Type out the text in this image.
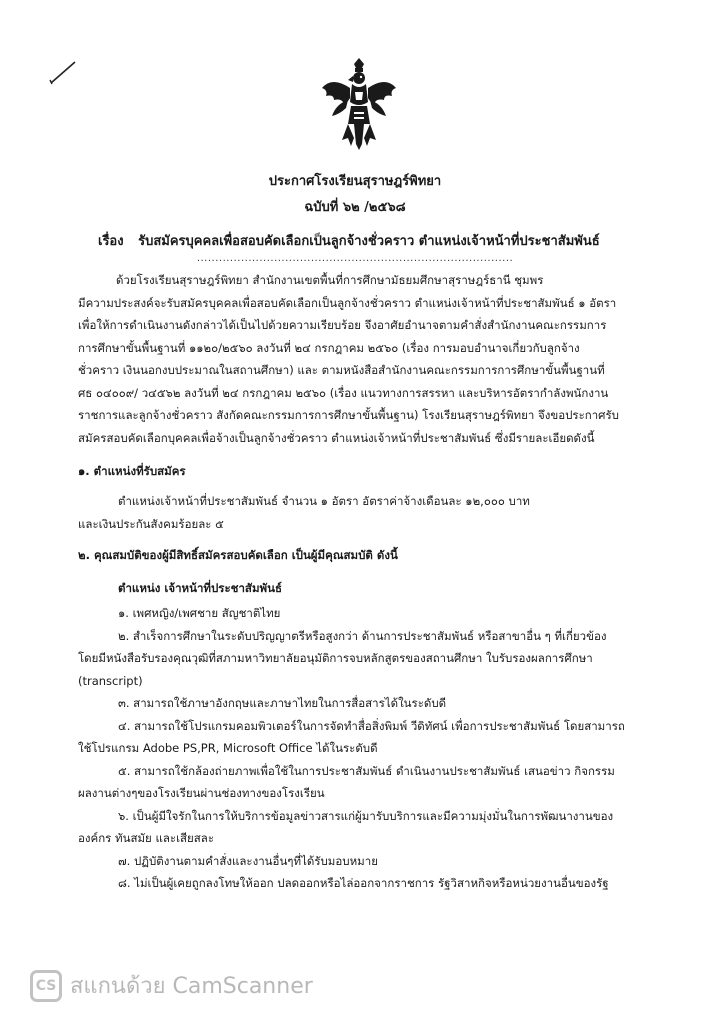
ประกาศโรงเรียนสุราษฎร์พิทยา
ฉบับที่ ๖๒ /๒๕๖๘
เรื่อง รับสมัครบุคคลเพื่อสอบคัดเลือกเป็นลูกจ้างชั่วคราว ตำแหน่งเจ้าหน้าที่ประชาสัมพันธ์
......................................................................................
ด้วยโรงเรียนสุราษฎร์พิทยา สำนักงานเขตพื้นที่การศึกษามัธยมศึกษาสุราษฎร์ธานี ชุมพร
มีความประสงค์จะรับสมัครบุคคลเพื่อสอบคัดเลือกเป็นลูกจ้างชั่วคราว ตำแหน่งเจ้าหน้าที่ประชาสัมพันธ์ ๑ อัตรา
เพื่อให้การดำเนินงานดังกล่าวได้เป็นไปด้วยความเรียบร้อย จึงอาศัยอำนาจตามคำสั่งสำนักงานคณะกรรมการ
การศึกษาขั้นพื้นฐานที่ ๑๑๒๐/๒๕๖๐ ลงวันที่ ๒๔ กรกฎาคม ๒๕๖๐ (เรื่อง การมอบอำนาจเกี่ยวกับลูกจ้าง
ชั่วคราว เงินนอกงบประมาณในสถานศึกษา) และ ตามหนังสือสำนักงานคณะกรรมการการศึกษาขั้นพื้นฐานที่
ศธ ๐๔๐๐๙/ ว๔๕๖๒ ลงวันที่ ๒๔ กรกฎาคม ๒๕๖๐ (เรื่อง แนวทางการสรรหา และบริหารอัตรากำลังพนักงาน
ราชการและลูกจ้างชั่วคราว สังกัดคณะกรรมการการศึกษาขั้นพื้นฐาน) โรงเรียนสุราษฎร์พิทยา จึงขอประกาศรับ
สมัครสอบคัดเลือกบุคคลเพื่อจ้างเป็นลูกจ้างชั่วคราว ตำแหน่งเจ้าหน้าที่ประชาสัมพันธ์ ซึ่งมีรายละเอียดดังนี้
๑. ตำแหน่งที่รับสมัคร
ตำแหน่งเจ้าหน้าที่ประชาสัมพันธ์ จำนวน ๑ อัตรา อัตราค่าจ้างเดือนละ ๑๒,๐๐๐ บาท
และเงินประกันสังคมร้อยละ ๕
๒. คุณสมบัติของผู้มีสิทธิ์สมัครสอบคัดเลือก เป็นผู้มีคุณสมบัติ ดังนี้
ตำแหน่ง เจ้าหน้าที่ประชาสัมพันธ์
๑. เพศหญิง/เพศชาย สัญชาติไทย
๒. สำเร็จการศึกษาในระดับปริญญาตรีหรือสูงกว่า ด้านการประชาสัมพันธ์ หรือสาขาอื่น ๆ ที่เกี่ยวข้อง
โดยมีหนังสือรับรองคุณวุฒิที่สภามหาวิทยาลัยอนุมัติการจบหลักสูตรของสถานศึกษา ใบรับรองผลการศึกษา
(transcript)
๓. สามารถใช้ภาษาอังกฤษและภาษาไทยในการสื่อสารได้ในระดับดี
๔. สามารถใช้โปรแกรมคอมพิวเตอร์ในการจัดทำสื่อสิ่งพิมพ์ วีดิทัศน์ เพื่อการประชาสัมพันธ์ โดยสามารถ
ใช้โปรแกรม Adobe PS,PR, Microsoft Office ได้ในระดับดี
๕. สามารถใช้กล้องถ่ายภาพเพื่อใช้ในการประชาสัมพันธ์ ดำเนินงานประชาสัมพันธ์ เสนอข่าว กิจกรรม
ผลงานต่างๆของโรงเรียนผ่านช่องทางของโรงเรียน
๖. เป็นผู้มีใจรักในการให้บริการข้อมูลข่าวสารแก่ผู้มารับบริการและมีความมุ่งมั่นในการพัฒนางานของ
องค์กร ทันสมัย และเสียสละ
๗. ปฏิบัติงานตามคำสั่งและงานอื่นๆที่ได้รับมอบหมาย
๘. ไม่เป็นผู้เคยถูกลงโทษให้ออก ปลดออกหรือไล่ออกจากราชการ รัฐวิสาหกิจหรือหน่วยงานอื่นของรัฐ
CS สแกนด้วย CamScanner
